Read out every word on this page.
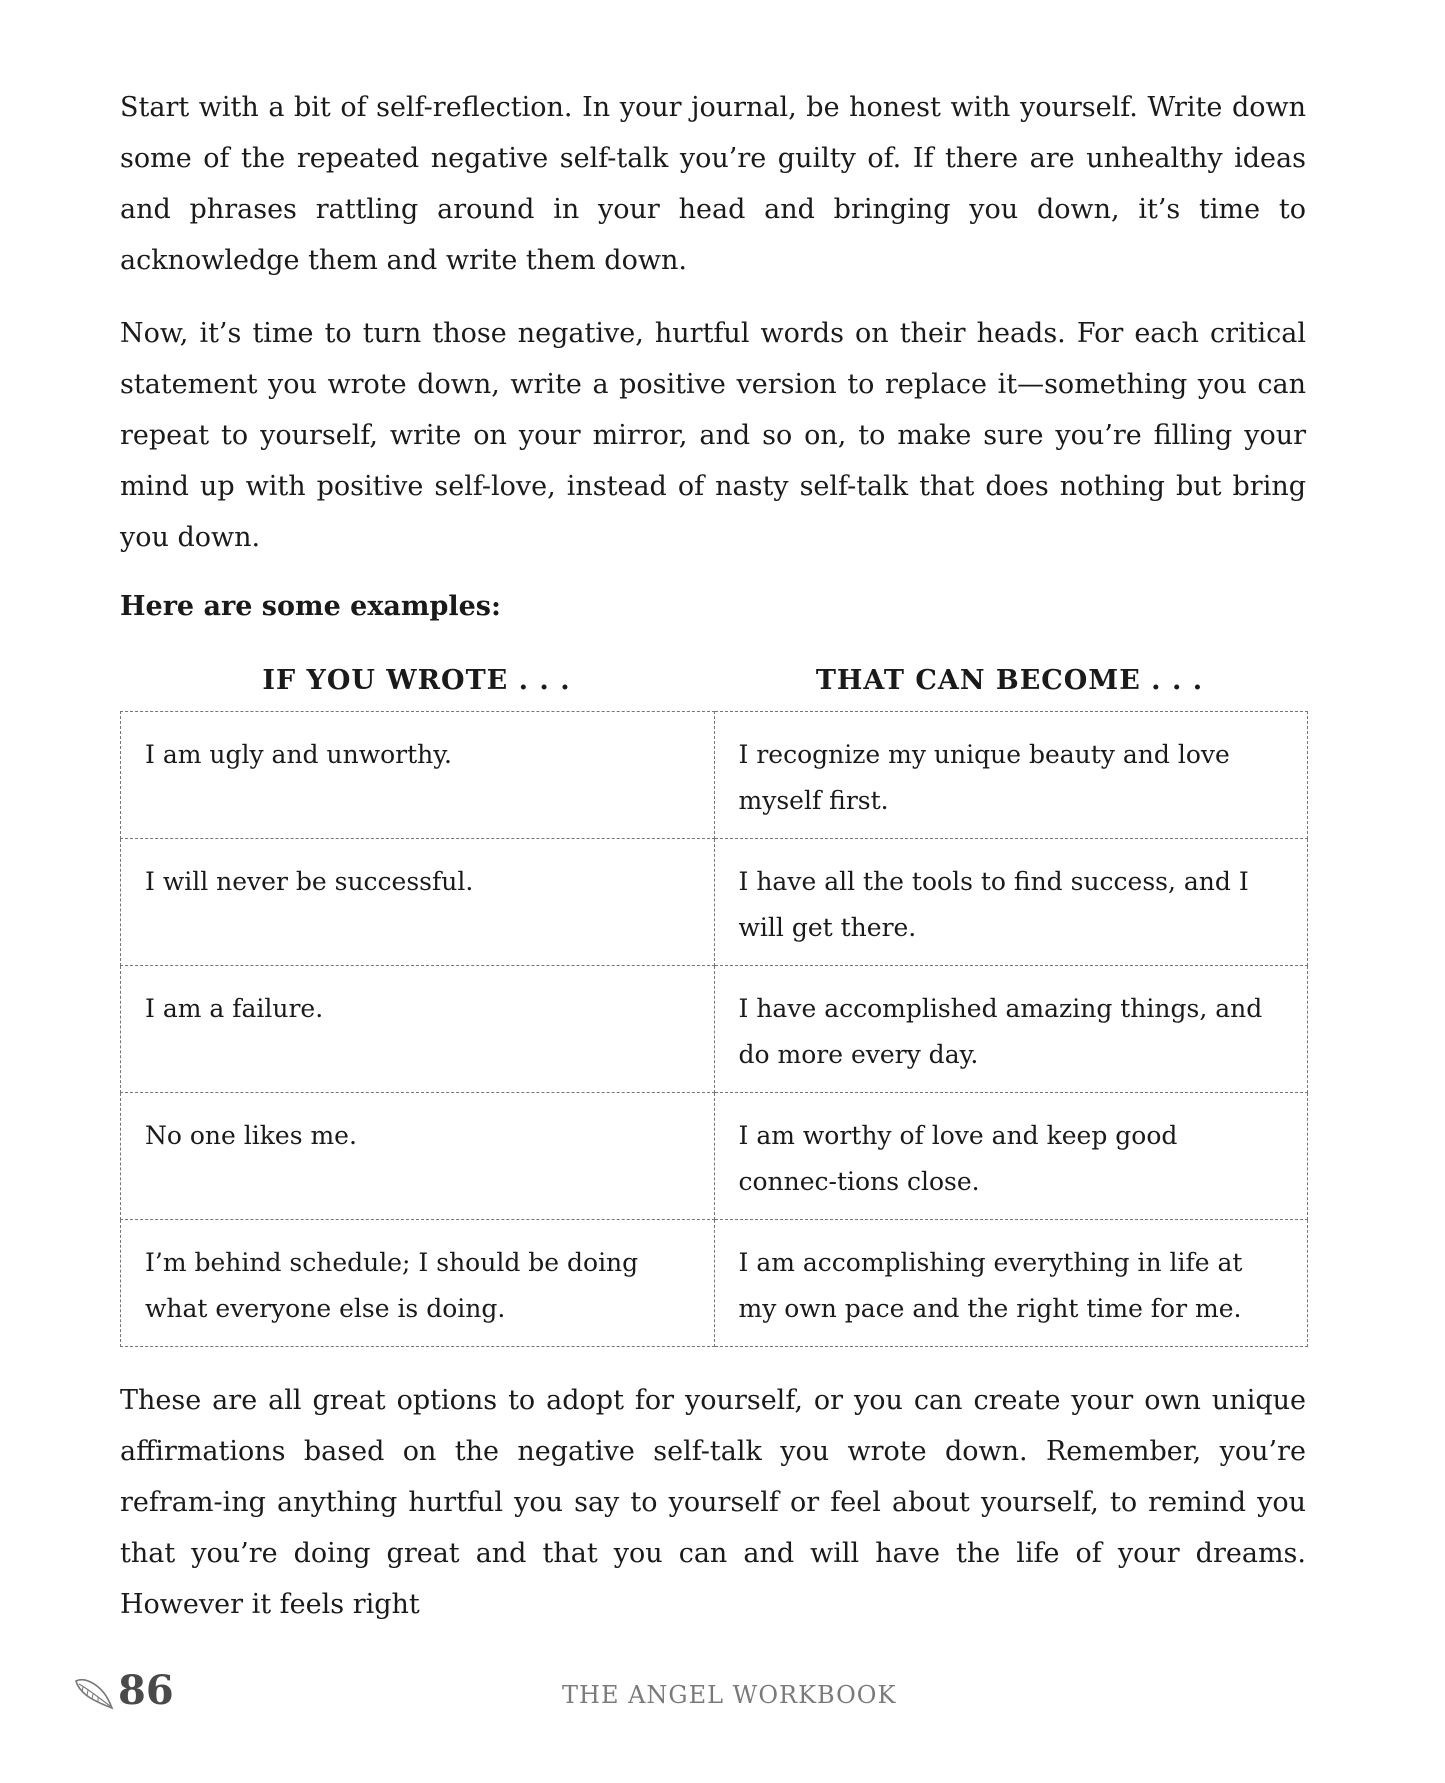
Start with a bit of self-reflection. In your journal, be honest with yourself. Write down some of the repeated negative self-talk you’re guilty of. If there are unhealthy ideas and phrases rattling around in your head and bringing you down, it’s time to acknowledge them and write them down.

Now, it’s time to turn those negative, hurtful words on their heads. For each critical statement you wrote down, write a positive version to replace it—something you can repeat to yourself, write on your mirror, and so on, to make sure you’re filling your mind up with positive self-love, instead of nasty self-talk that does nothing but bring you down.

Here are some examples:
IF YOU WROTE . . .	THAT CAN BECOME . . .
I am ugly and unworthy.	I recognize my unique beauty and love myself first.
I will never be successful.	I have all the tools to find success, and I will get there.
I am a failure.	I have accomplished amazing things, and do more every day.
No one likes me.	I am worthy of love and keep good connec-tions close.
I’m behind schedule; I should be doing what everyone else is doing.	I am accomplishing everything in life at my own pace and the right time for me.

These are all great options to adopt for yourself, or you can create your own unique affirmations based on the negative self-talk you wrote down. Remember, you’re refram-ing anything hurtful you say to yourself or feel about yourself, to remind you that you’re doing great and that you can and will have the life of your dreams. However it feels right

86	THE ANGEL WORKBOOK
